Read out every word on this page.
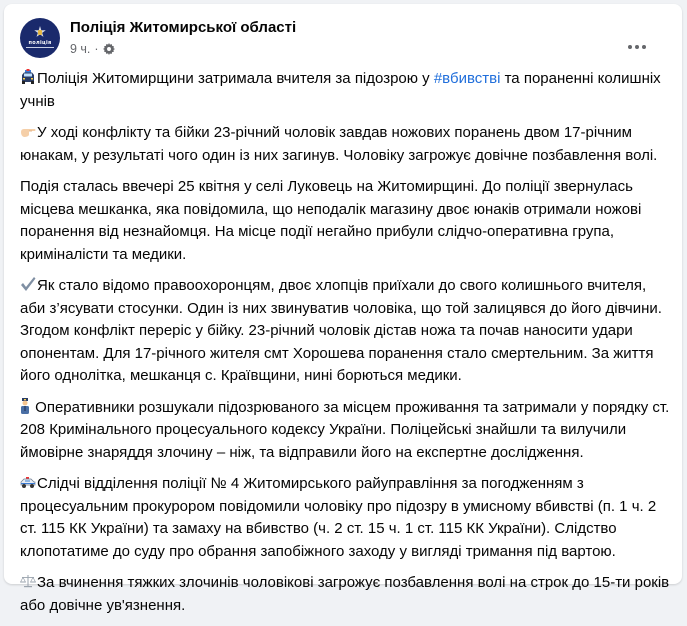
поліція
Поліція Житомирської області
9 ч. ·

Поліція Житомирщини затримала вчителя за підозрою у #вбивстві та пораненні колишніх учнів

У ході конфлікту та бійки 23-річний чоловік завдав ножових поранень двом 17-річним юнакам, у результаті чого один із них загинув. Чоловіку загрожує довічне позбавлення волі.

Подія сталась ввечері 25 квітня у селі Луковець на Житомирщині. До поліції звернулась місцева мешканка, яка повідомила, що неподалік магазину двоє юнаків отримали ножові поранення від незнайомця. На місце події негайно прибули слідчо-оперативна група, криміналісти та медики.

Як стало відомо правоохоронцям, двоє хлопців приїхали до свого колишнього вчителя, аби з’ясувати стосунки. Один із них звинуватив чоловіка, що той залицявся до його дівчини. Згодом конфлікт переріс у бійку. 23-річний чоловік дістав ножа та почав наносити удари опонентам. Для 17-річного жителя смт Хорошева поранення стало смертельним. За життя його однолітка, мешканця с. Краївщини, нині борються медики.

Оперативники розшукали підозрюваного за місцем проживання та затримали у порядку ст. 208 Кримінального процесуального кодексу України. Поліцейські знайшли та вилучили ймовірне знаряддя злочину – ніж, та відправили його на експертне дослідження.

Слідчі відділення поліції № 4 Житомирського райуправління за погодженням з процесуальним прокурором повідомили чоловіку про підозру в умисному вбивстві (п. 1 ч. 2 ст. 115 КК України) та замаху на вбивство (ч. 2 ст. 15 ч. 1 ст. 115 КК України). Слідство клопотатиме до суду про обрання запобіжного заходу у вигляді тримання під вартою.

За вчинення тяжких злочинів чоловікові загрожує позбавлення волі на строк до 15-ти років або довічне ув'язнення.
